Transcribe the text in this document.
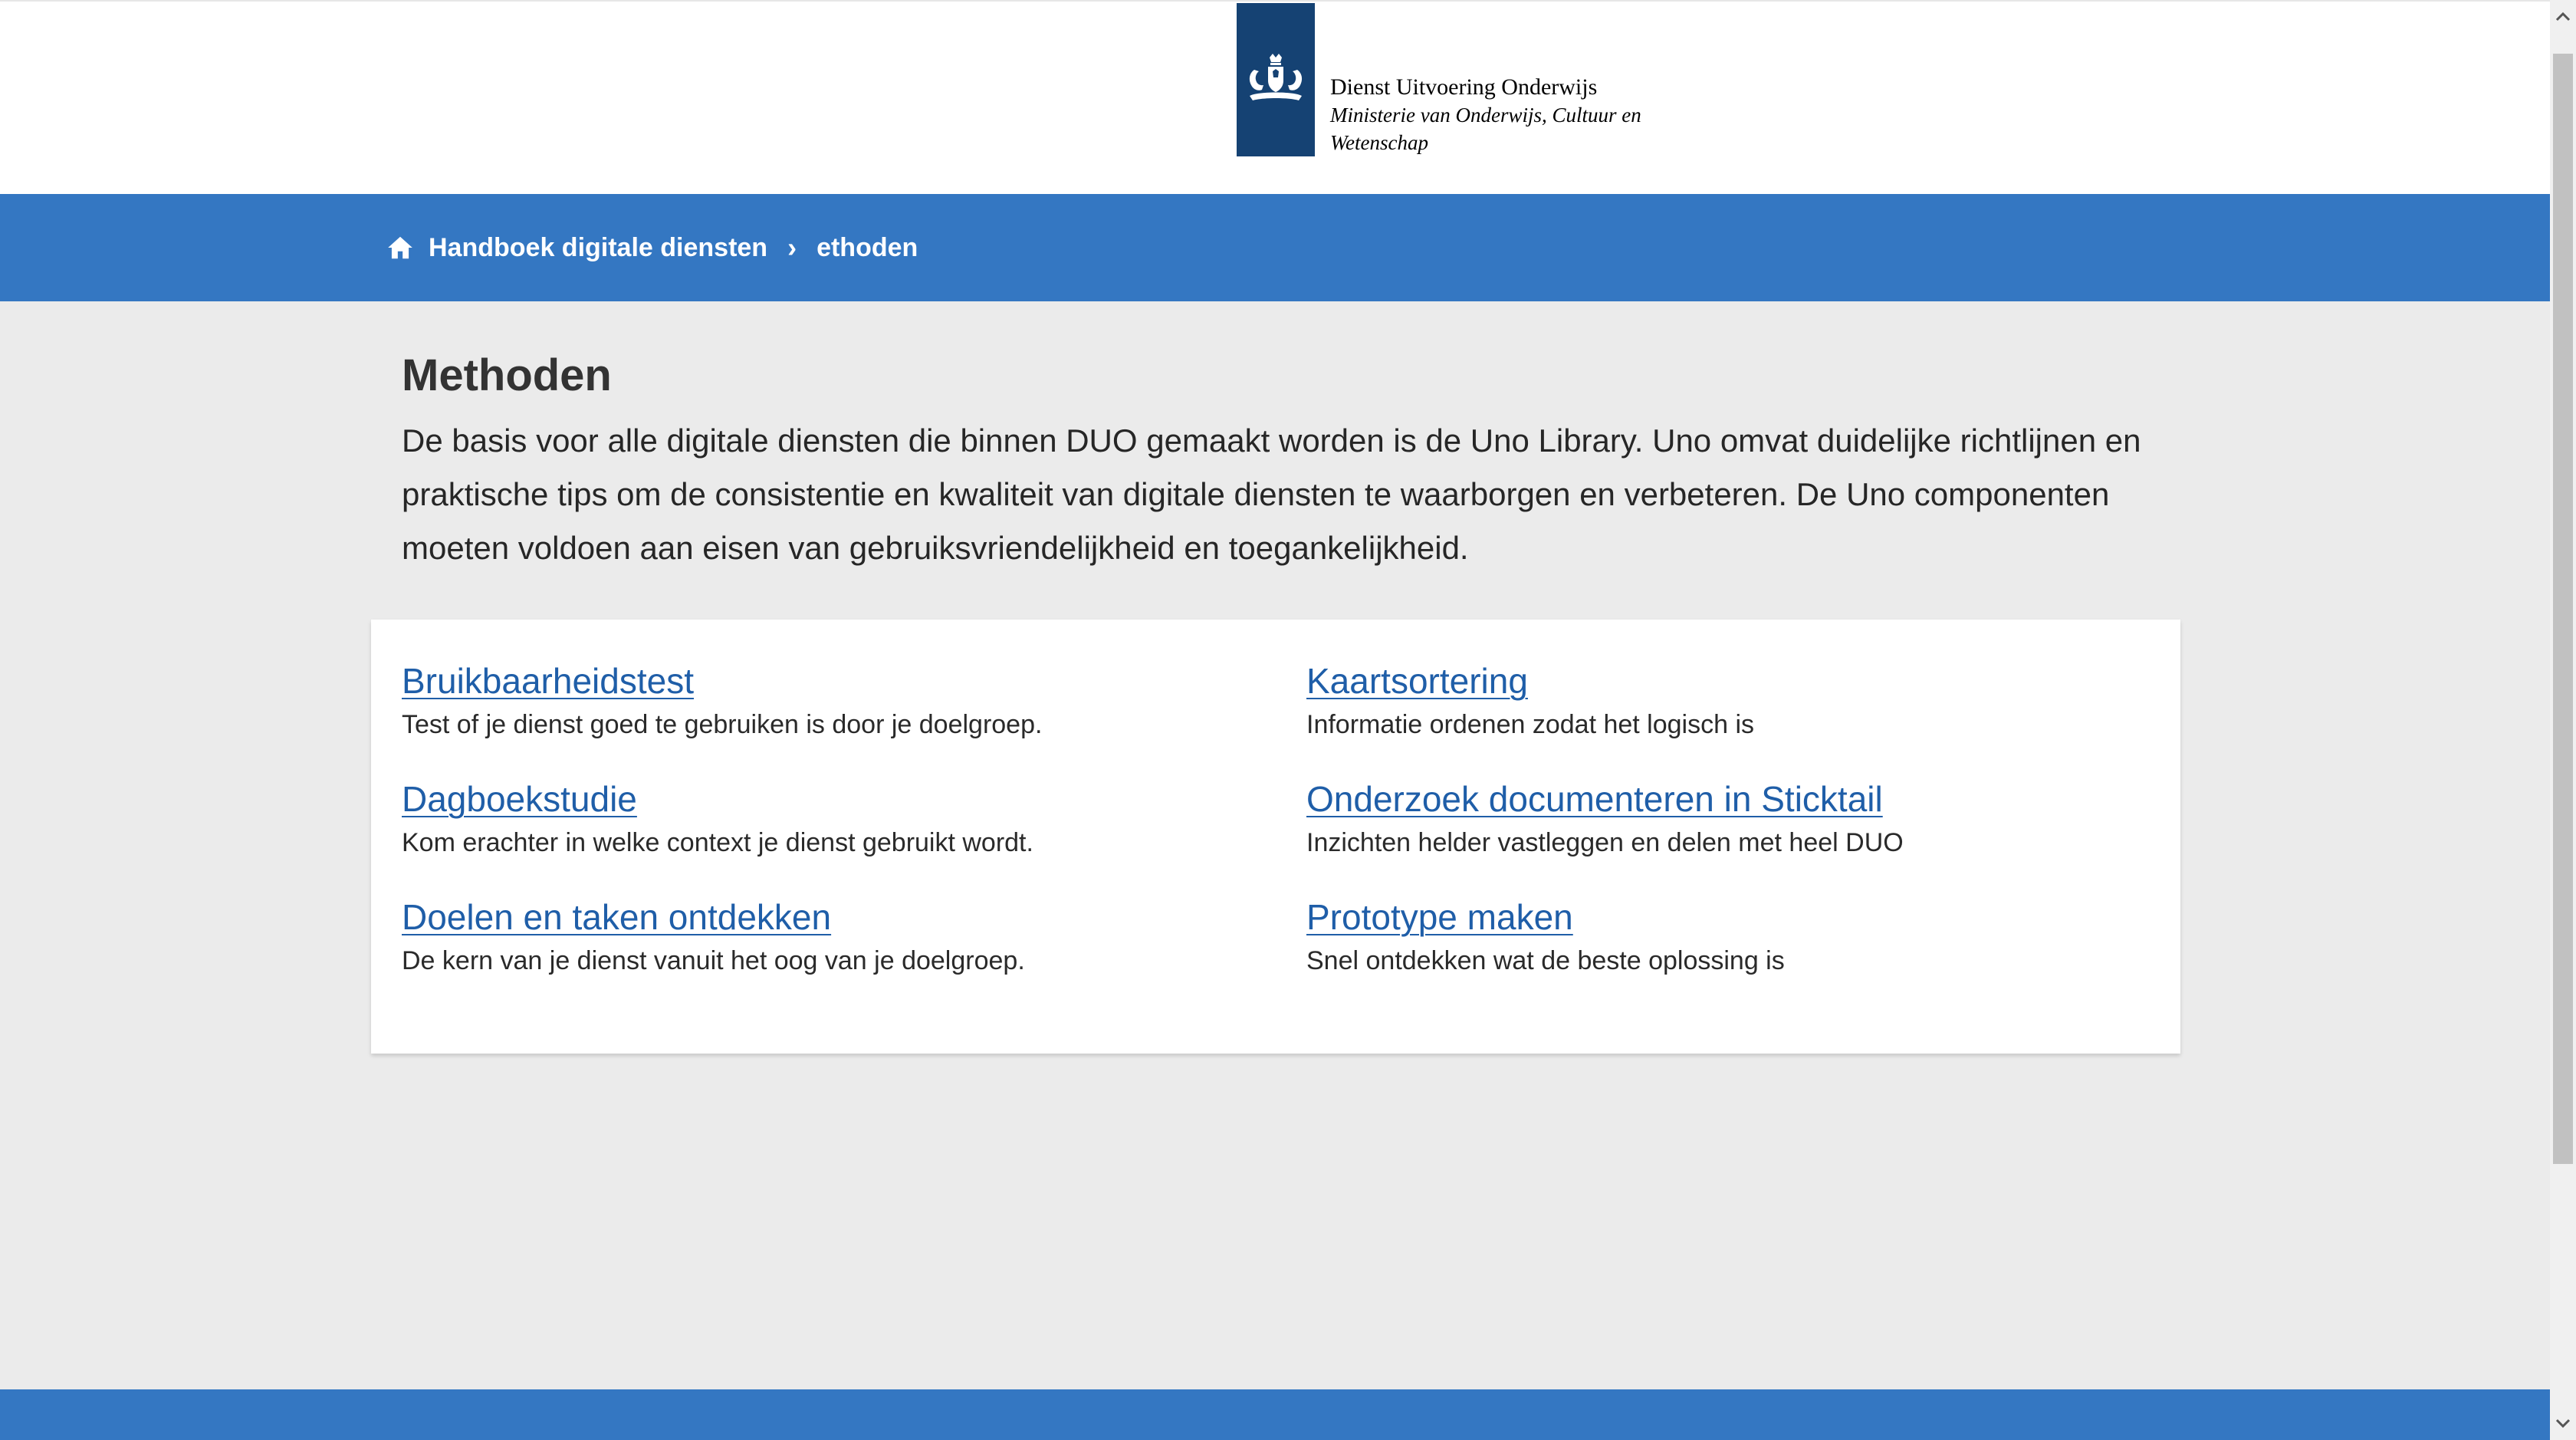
Dienst Uitvoering Onderwijs
Ministerie van Onderwijs, Cultuur en
Wetenschap
Handboek digitale diensten › ethoden
Methoden

De basis voor alle digitale diensten die binnen DUO gemaakt worden is de Uno Library. Uno omvat duidelijke richtlijnen en praktische tips om de consistentie en kwaliteit van digitale diensten te waarborgen en verbeteren. De Uno componenten moeten voldoen aan eisen van gebruiksvriendelijkheid en toegankelijkheid.

Bruikbaarheidstest
Test of je dienst goed te gebruiken is door je doelgroep.
Kaartsortering
Informatie ordenen zodat het logisch is
Dagboekstudie
Kom erachter in welke context je dienst gebruikt wordt.
Onderzoek documenteren in Sticktail
Inzichten helder vastleggen en delen met heel DUO
Doelen en taken ontdekken
De kern van je dienst vanuit het oog van je doelgroep.
Prototype maken
Snel ontdekken wat de beste oplossing is
